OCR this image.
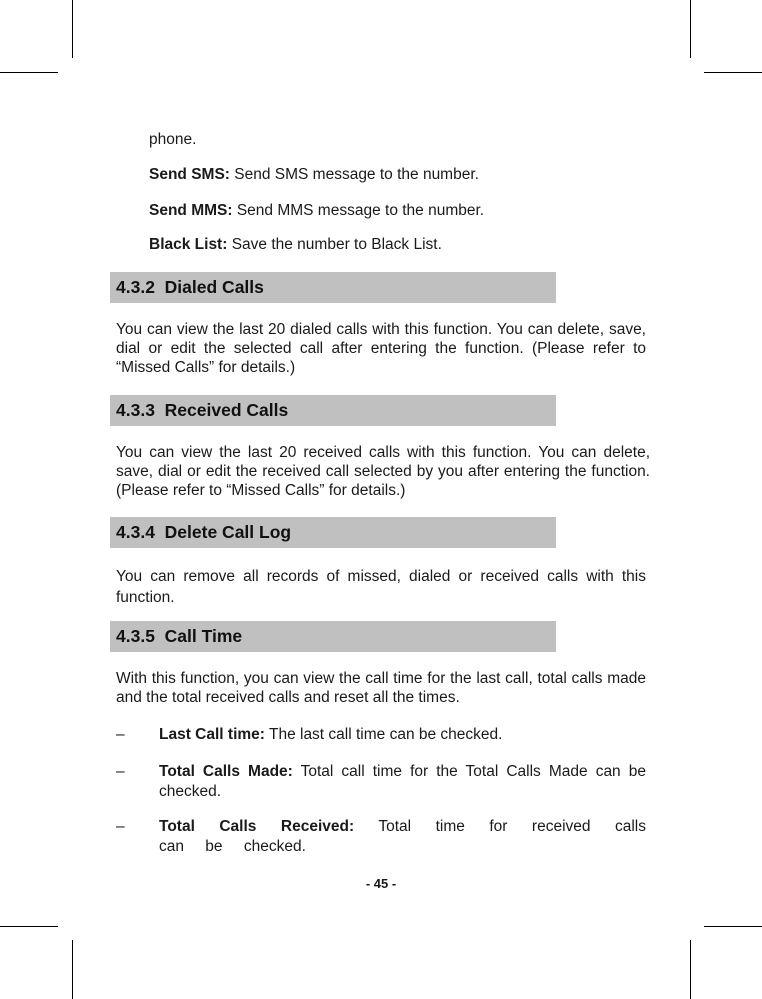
phone.
Send SMS: Send SMS message to the number.
Send MMS: Send MMS message to the number.
Black List: Save the number to Black List.
4.3.2 Dialed Calls
You can view the last 20 dialed calls with this function. You can delete, save, dial or edit the selected call after entering the function. (Please refer to “Missed Calls” for details.)
4.3.3 Received Calls
You can view the last 20 received calls with this function. You can delete, save, dial or edit the received call selected by you after entering the function. (Please refer to “Missed Calls” for details.)
4.3.4 Delete Call Log
You can remove all records of missed, dialed or received calls with this function.
4.3.5 Call Time
With this function, you can view the call time for the last call, total calls made and the total received calls and reset all the times.
– Last Call time: The last call time can be checked.
– Total Calls Made: Total call time for the Total Calls Made can be checked.
– Total Calls Received: Total time for received calls can be checked.
- 45 -
